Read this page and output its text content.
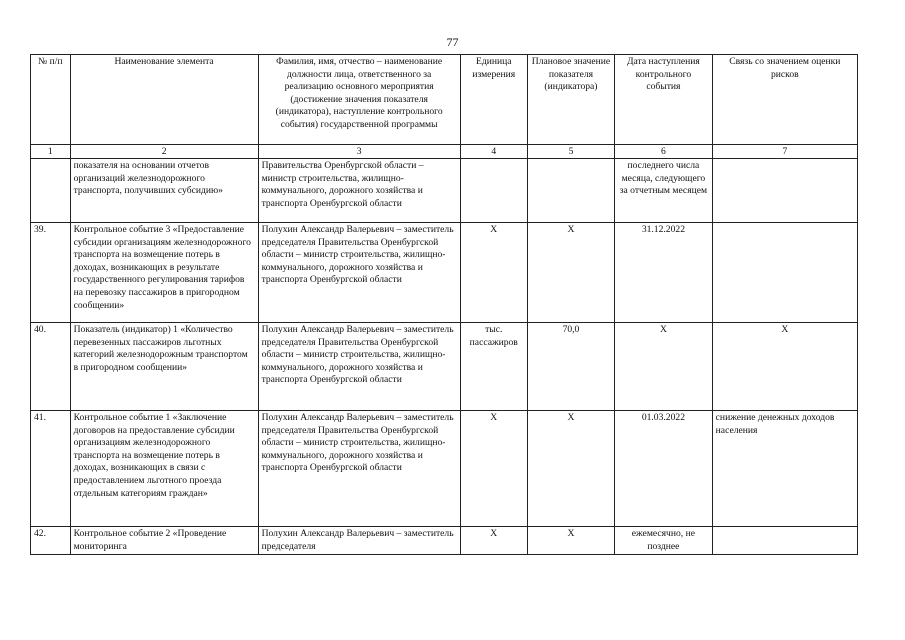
77
№ п/п	Наименование элемента	Фамилия, имя, отчество – наименование должности лица, ответственного за реализацию основного мероприятия (достижение значения показателя (индикатора), наступление контрольного события) государственной программы	Единица измерения	Плановое значение показателя (индикатора)	Дата наступления контрольного события	Связь со значением оценки рисков
1	2	3	4	5	6	7
	показателя на основании отчетов организаций железнодорожного транспорта, получивших субсидию»	Правительства Оренбургской области – министр строительства, жилищно-коммунального, дорожного хозяйства и транспорта Оренбургской области			последнего числа месяца, следующего за отчетным месяцем	
39.	Контрольное событие 3 «Предоставление субсидии организациям железнодорожного транспорта на возмещение потерь в доходах, возникающих в результате государственного регулирования тарифов на перевозку пассажиров в пригородном сообщении»	Полухин Александр Валерьевич – заместитель председателя Правительства Оренбургской области – министр строительства, жилищно-коммунального, дорожного хозяйства и транспорта Оренбургской области	X	X	31.12.2022	
40.	Показатель (индикатор) 1 «Количество перевезенных пассажиров льготных категорий железнодорожным транспортом в пригородном сообщении»	Полухин Александр Валерьевич – заместитель председателя Правительства Оренбургской области – министр строительства, жилищно-коммунального, дорожного хозяйства и транспорта Оренбургской области	тыс. пассажиров	70,0	X	X
41.	Контрольное событие 1 «Заключение договоров на предоставление субсидии организациям железнодорожного транспорта на возмещение потерь в доходах, возникающих в связи с предоставлением льготного проезда отдельным категориям граждан»	Полухин Александр Валерьевич – заместитель председателя Правительства Оренбургской области – министр строительства, жилищно-коммунального, дорожного хозяйства и транспорта Оренбургской области	X	X	01.03.2022	снижение денежных доходов населения
42.	Контрольное событие 2 «Проведение мониторинга	Полухин Александр Валерьевич – заместитель председателя	X	X	ежемесячно, не позднее	
